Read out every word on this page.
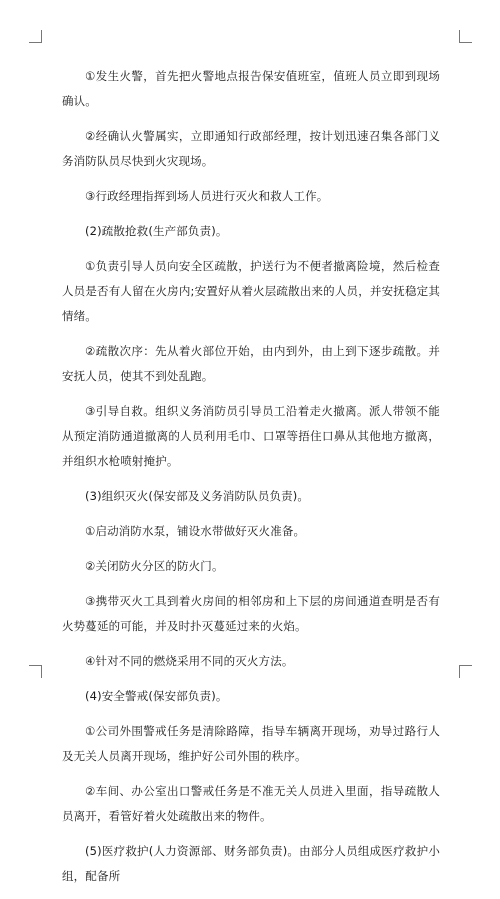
①发生火警，首先把火警地点报告保安值班室，值班人员立即到现场确认。

②经确认火警属实，立即通知行政部经理，按计划迅速召集各部门义务消防队员尽快到火灾现场。

③行政经理指挥到场人员进行灭火和救人工作。

(2)疏散抢救(生产部负责)。

①负责引导人员向安全区疏散，护送行为不便者撤离险境，然后检查人员是否有人留在火房内;安置好从着火层疏散出来的人员，并安抚稳定其情绪。

②疏散次序：先从着火部位开始，由内到外，由上到下逐步疏散。并安抚人员，使其不到处乱跑。

③引导自救。组织义务消防员引导员工沿着走火撤离。派人带领不能从预定消防通道撤离的人员利用毛巾、口罩等捂住口鼻从其他地方撤离，并组织水枪喷射掩护。

(3)组织灭火(保安部及义务消防队员负责)。

①启动消防水泵，铺设水带做好灭火准备。

②关闭防火分区的防火门。

③携带灭火工具到着火房间的相邻房和上下层的房间通道查明是否有火势蔓延的可能，并及时扑灭蔓延过来的火焰。

④针对不同的燃烧采用不同的灭火方法。

(4)安全警戒(保安部负责)。

①公司外围警戒任务是清除路障，指导车辆离开现场，劝导过路行人及无关人员离开现场，维护好公司外围的秩序。

②车间、办公室出口警戒任务是不准无关人员进入里面，指导疏散人员离开，看管好着火处疏散出来的物件。

(5)医疗救护(人力资源部、财务部负责)。由部分人员组成医疗救护小组，配备所
